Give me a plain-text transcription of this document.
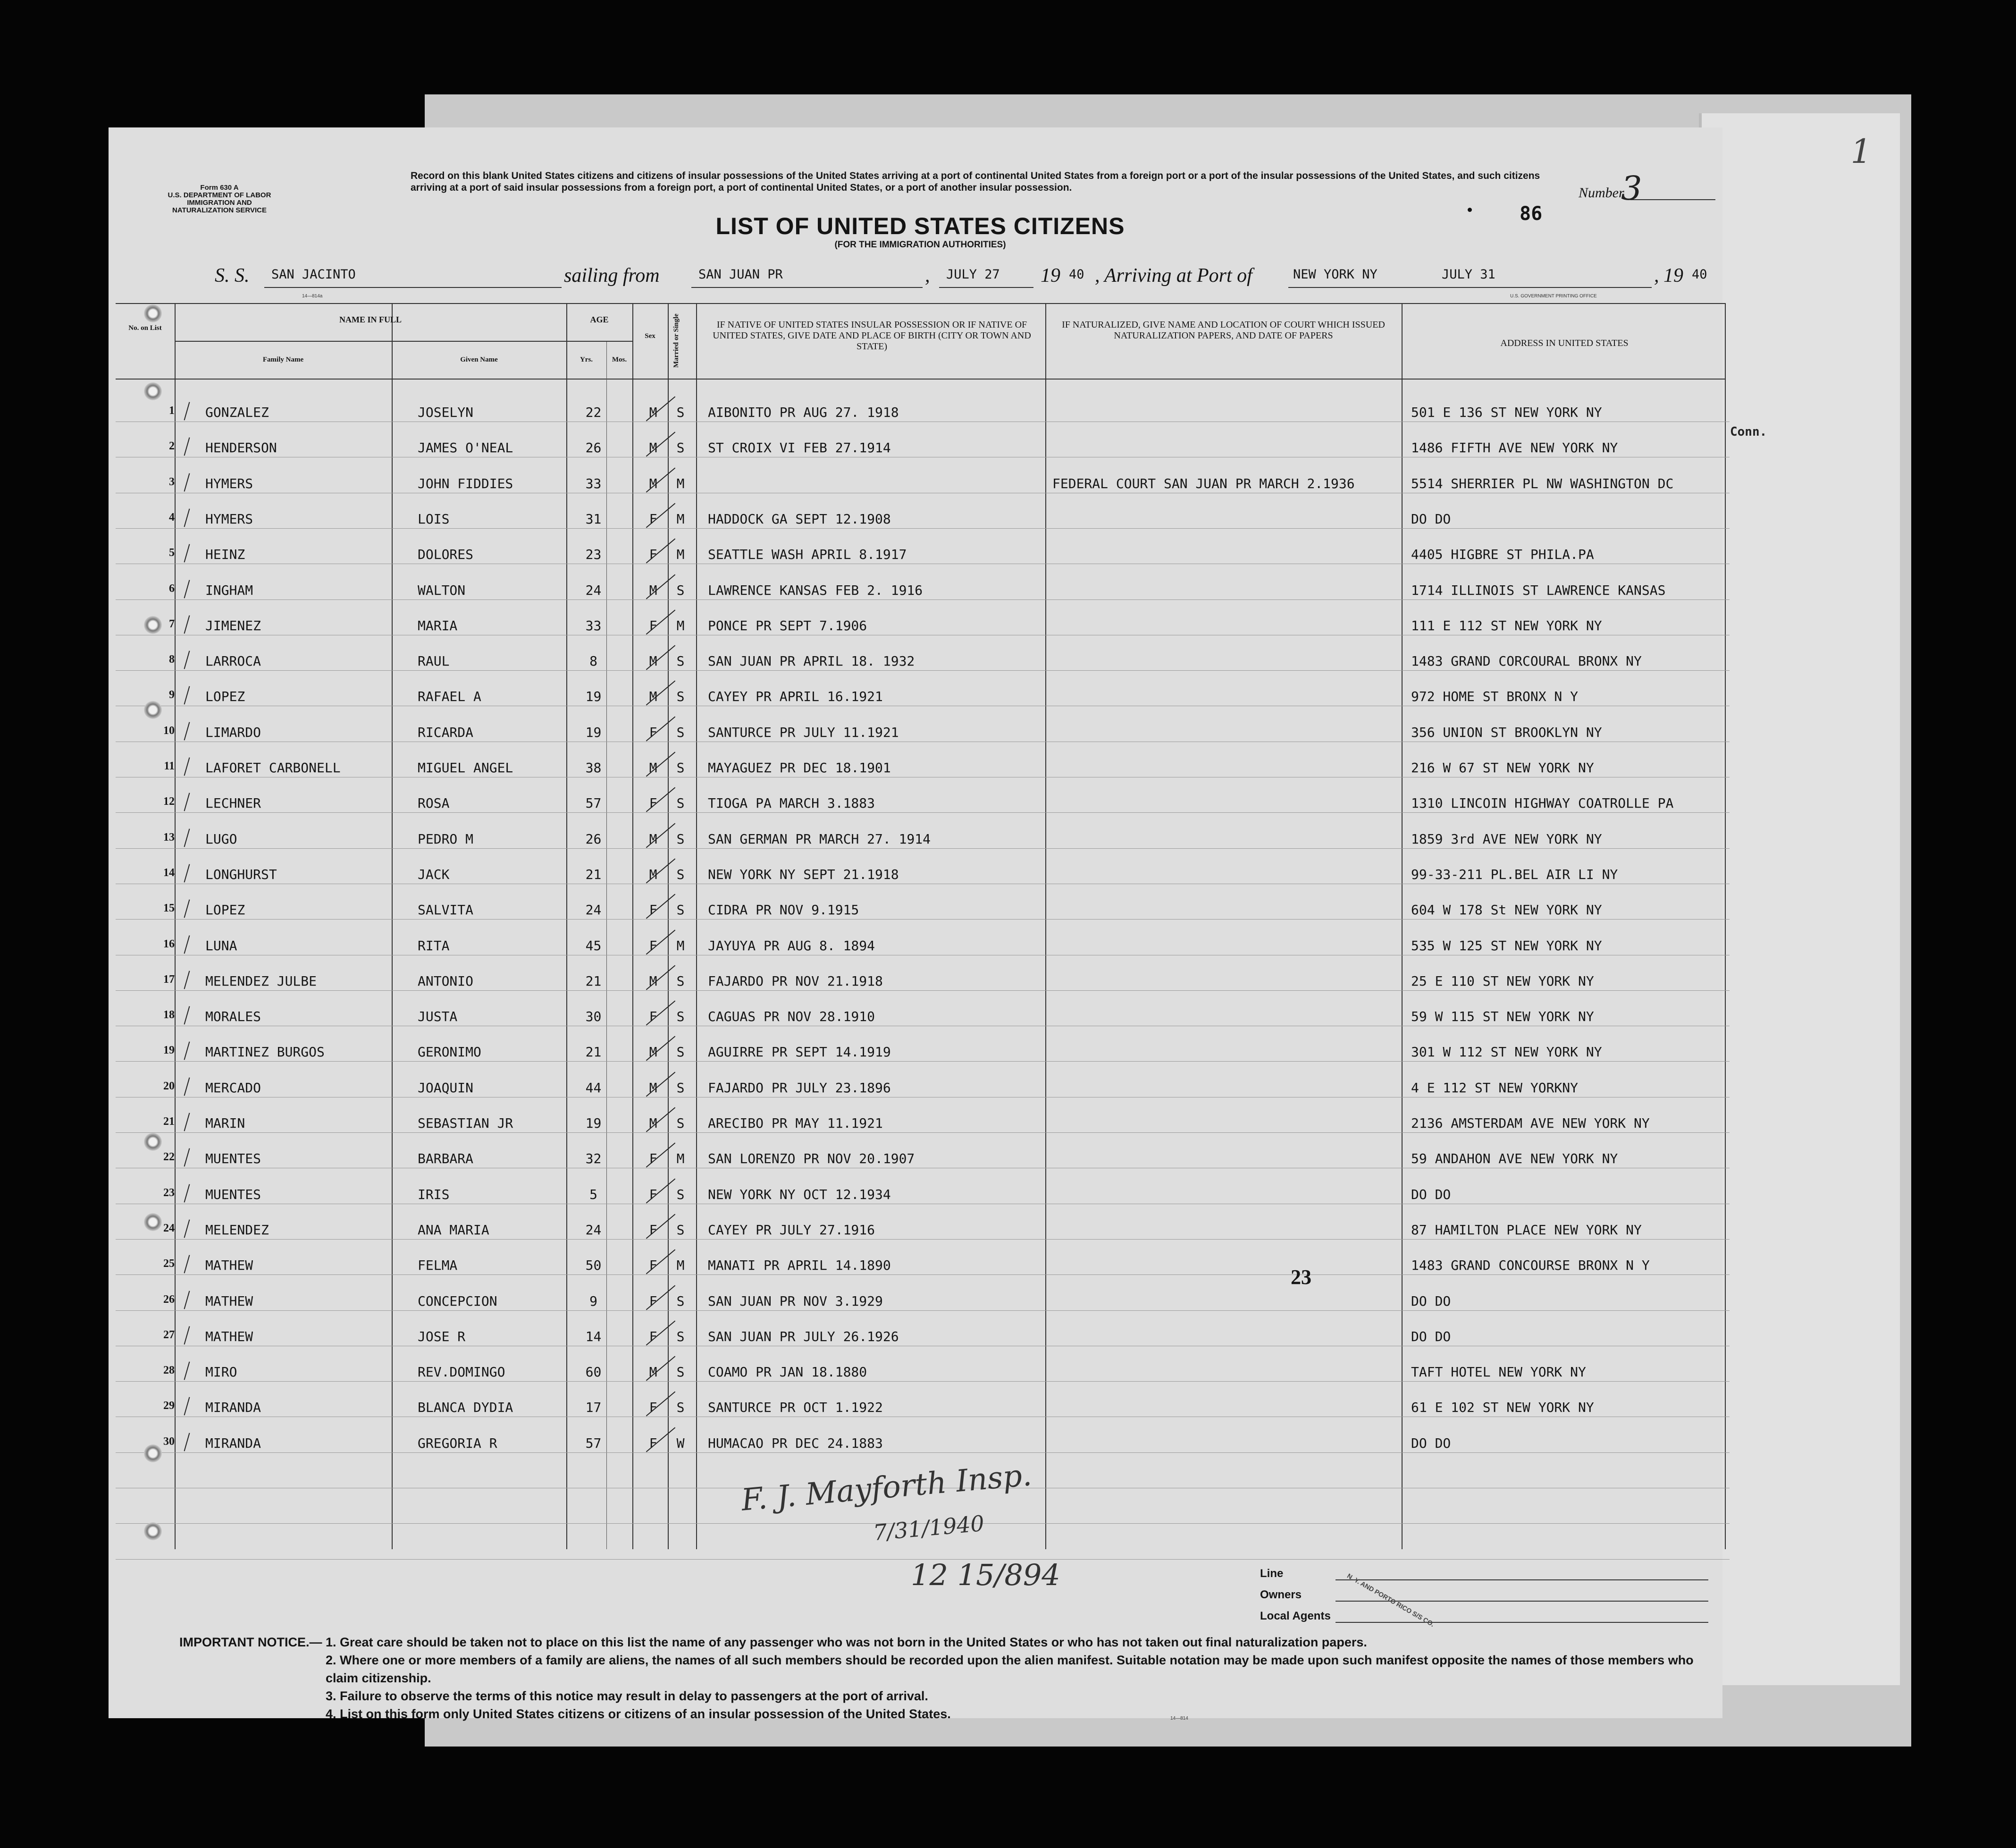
1
Conn.
Form 630 A
U.S. DEPARTMENT OF LABOR
IMMIGRATION AND
NATURALIZATION SERVICE
Record on this blank United States citizens and citizens of insular possessions of the United States arriving at a port of continental United States from a foreign port or a port of the insular possessions of the United States, and such citizens arriving at a port of said insular possessions from a foreign port, a port of continental United States, or a port of another insular possession.	Number
3
86
LIST OF UNITED STATES CITIZENS
(FOR THE IMMIGRATION AUTHORITIES)
S. S. SAN JACINTO	sailing from	SAN JUAN PR	, JULY 27 19 40 , Arriving at Port of	NEW YORK NY	JULY 31	, 19 40
14—814a	U.S. GOVERNMENT PRINTING OFFICE
No. on List
NAME IN FULL
Family Name	Given Name
AGE
Yrs.	Mos.
Sex	Married or Single	IF NATIVE OF UNITED STATES INSULAR POSSESSION OR IF NATIVE OF UNITED STATES, GIVE DATE AND PLACE OF BIRTH (CITY OR TOWN AND STATE)
IF NATURALIZED, GIVE NAME AND LOCATION OF COURT WHICH ISSUED NATURALIZATION PAPERS, AND DATE OF PAPERS
ADDRESS IN UNITED STATES
1 GONZALEZ	JOSELYN	22	M	S	AIBONITO PR AUG 27. 1918	501 E 136 ST NEW YORK NY
2 HENDERSON	JAMES O'NEAL	26	M	S	ST CROIX VI FEB 27.1914	1486 FIFTH AVE NEW YORK NY
3 HYMERS	JOHN FIDDIES	33	M	M	FEDERAL COURT SAN JUAN PR MARCH 2.1936	5514 SHERRIER PL NW WASHINGTON DC
4 HYMERS	LOIS	31	F	M	HADDOCK GA SEPT 12.1908	DO DO
5 HEINZ	DOLORES	23	F	M	SEATTLE WASH APRIL 8.1917	4405 HIGBRE ST PHILA.PA
6 INGHAM	WALTON	24	M	S	LAWRENCE KANSAS FEB 2. 1916	1714 ILLINOIS ST LAWRENCE KANSAS
7 JIMENEZ	MARIA	33	F	M	PONCE PR SEPT 7.1906	111 E 112 ST NEW YORK NY
8 LARROCA	RAUL	8	M	S	SAN JUAN PR APRIL 18. 1932	1483 GRAND CORCOURAL BRONX NY
9 LOPEZ	RAFAEL A	19	M	S	CAYEY PR APRIL 16.1921	972 HOME ST BRONX N Y
10 LIMARDO	RICARDA	19	F	S	SANTURCE PR JULY 11.1921	356 UNION ST BROOKLYN NY
11 LAFORET CARBONELL	MIGUEL ANGEL	38	M	S	MAYAGUEZ PR DEC 18.1901	216 W 67 ST NEW YORK NY
12 LECHNER	ROSA	57	F	S	TIOGA PA MARCH 3.1883	1310 LINCOIN HIGHWAY COATROLLE PA
13 LUGO	PEDRO M	26	M	S	SAN GERMAN PR MARCH 27. 1914	1859 3rd AVE NEW YORK NY
14 LONGHURST	JACK	21	M	S	NEW YORK NY SEPT 21.1918	99-33-211 PL.BEL AIR LI NY
15 LOPEZ	SALVITA	24	F	S	CIDRA PR NOV 9.1915	604 W 178 St NEW YORK NY
16 LUNA	RITA	45	F	M	JAYUYA PR AUG 8. 1894	535 W 125 ST NEW YORK NY
17 MELENDEZ JULBE	ANTONIO	21	M	S	FAJARDO PR NOV 21.1918	25 E 110 ST NEW YORK NY
18 MORALES	JUSTA	30	F	S	CAGUAS PR NOV 28.1910	59 W 115 ST NEW YORK NY
19 MARTINEZ BURGOS	GERONIMO	21	M	S	AGUIRRE PR SEPT 14.1919	301 W 112 ST NEW YORK NY
20 MERCADO	JOAQUIN	44	M	S	FAJARDO PR JULY 23.1896	4 E 112 ST NEW YORKNY
21 MARIN	SEBASTIAN JR	19	M	S	ARECIBO PR MAY 11.1921	2136 AMSTERDAM AVE NEW YORK NY
22 MUENTES	BARBARA	32	F	M	SAN LORENZO PR NOV 20.1907	59 ANDAHON AVE NEW YORK NY
23 MUENTES	IRIS	5	F	S	NEW YORK NY OCT 12.1934	DO DO
24 MELENDEZ	ANA MARIA	24	F	S	CAYEY PR JULY 27.1916	87 HAMILTON PLACE NEW YORK NY
25 MATHEW	FELMA	50	F	M	MANATI PR APRIL 14.1890	1483 GRAND CONCOURSE BRONX N Y
26 MATHEW	CONCEPCION	9	F	S	SAN JUAN PR NOV 3.1929	DO DO
27 MATHEW	JOSE R	14	F	S	SAN JUAN PR JULY 26.1926	DO DO
28 MIRO	REV.DOMINGO	60	M	S	COAMO PR JAN 18.1880	TAFT HOTEL NEW YORK NY
29 MIRANDA	BLANCA DYDIA	17	F	S	SANTURCE PR OCT 1.1922	61 E 102 ST NEW YORK NY
30 MIRANDA	GREGORIA R	57	F	W	HUMACAO PR DEC 24.1883	DO DO
23
F. J. Mayforth Insp.
7/31/1940
12 15/894	Line
Owners
Local Agents N. Y. AND PORTO RICO S/S CO.
IMPORTANT NOTICE.— 1. Great care should be taken not to place on this list the name of any passenger who was not born in the United States or who has not taken out final naturalization papers.
2. Where one or more members of a family are aliens, the names of all such members should be recorded upon the alien manifest. Suitable notation may be made upon such manifest opposite the names of those members who claim citizenship.
3. Failure to observe the terms of this notice may result in delay to passengers at the port of arrival.
4. List on this form only United States citizens or citizens of an insular possession of the United States.	14—814
